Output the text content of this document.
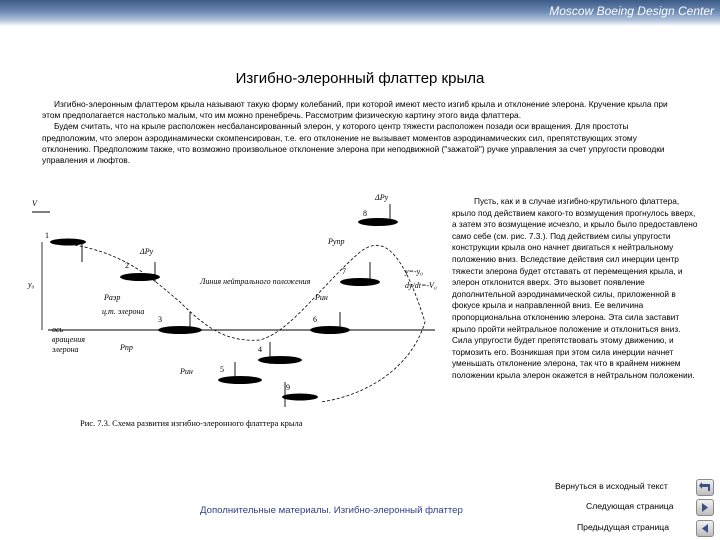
Moscow Boeing Design Center
Изгибно-элеронный флаттер крыла
Изгибно-элеронным флаттером крыла называют такую форму колебаний, при которой имеют место изгиб крыла и отклонение элерона. Кручение крыла при этом предполагается настолько малым, что им можно пренебречь. Рассмотрим физическую картину этого вида флаттера.
Будем считать, что на крыле расположен несбалансированный элерон, у которого центр тяжести расположен позади оси вращения. Для простоты предположим, что элерон аэродинамически скомпенсирован, т.е. его отклонение не вызывает моментов аэродинамических сил, препятствующих этому отклонению. Предположим также, что возможно произвольное отклонение элерона при неподвижной ("зажатой") ручке управления за счет упругости проводки управления и люфтов.
V
y₀
1
2
3
4
5
6
7
8
9
ΔPу
ΔPу
Pаэр
Pупр
Pпр
Pин
Pин
y=-y₀
dy/dt=-V₀
Линия нейтрального положения
ось
вращения
элерона
ц.т. элерона
Рис. 7.3. Схема развития изгибно-элеронного флаттера крыла

Пусть, как и в случае изгибно-крутильного флаттера, крыло под действием какого-то возмущения прогнулось вверх, а затем это возмущение исчезло, и крыло было предоставлено само себе (см. рис. 7.3.). Под действием силы упругости конструкции крыла оно начнет двигаться к нейтральному положению вниз. Вследствие действия сил инерции центр тяжести элерона будет отставать от перемещения крыла, и элерон отклонится вверх. Это вызовет появление дополнительной аэродинамической силы, приложенной в фокусе крыла и направленной вниз. Ее величина пропорциональна отклонению элерона. Эта сила заставит крыло пройти нейтральное положение и отклониться вниз. Сила упругости будет препятствовать этому движению, и тормозить его. Возникшая при этом сила инерции начнет уменьшать отклонение элерона, так что в крайнем нижнем положении крыла элерон окажется в нейтральном положении.

Вернуться в исходный текст
Следующая страница
Предыдущая страница
Дополнительные материалы. Изгибно-элеронный флаттер
